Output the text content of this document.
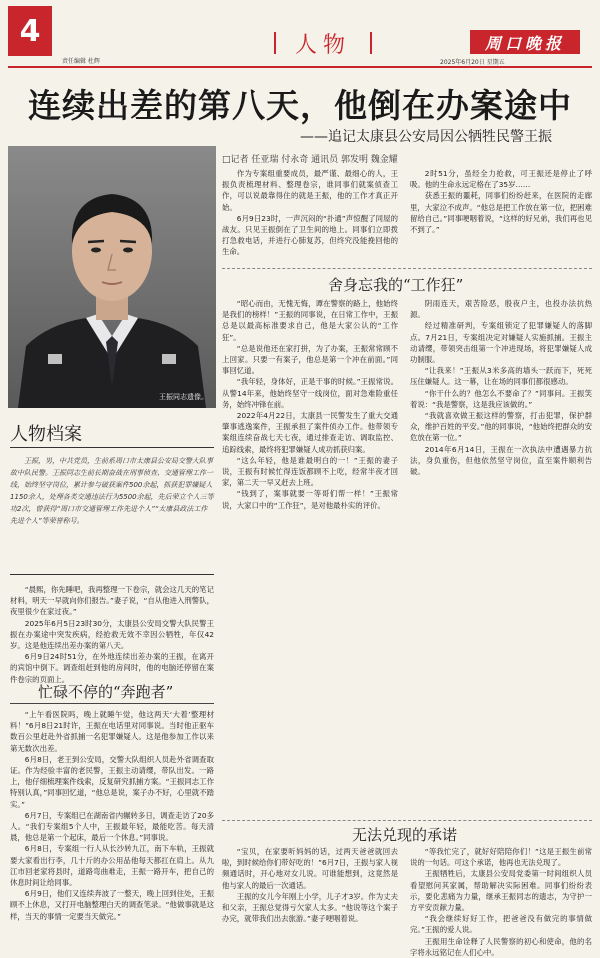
4
责任编辑 杜辉
人物	周口晚报
2025年6月20日 星期五
连续出差的第八天，他倒在办案途中
——追记太康县公安局因公牺牲民警王振
□记者 任亚瑞 付永奇 通讯员 郭发明 魏金耀
王振同志遗像。
人物档案
王振，男，中共党员，生前系周口市太康县公安局交警大队事故中队民警。王振同志生前长期奋战在刑事侦查、交通管理工作一线，始终坚守岗位，累计参与破获案件500余起，抓获犯罪嫌疑人1150余人，处理各类交通违法行为5500余起，先后荣立个人三等功2次，曾获得“周口市交通管理工作先进个人”“太康县政法工作先进个人”等荣誉称号。

“晨熙，你先睡吧，我再整理一下卷宗，就会这几天的笔记材料，明天一早就向你们报告。”妻子说，“自从他进入刑警队，夜里很少在家过夜。”

2025年6月5日23时30分，太康县公安局交警大队民警王振在办案途中突发疾病，经抢救无效不幸因公牺牲，年仅42岁。这是他连续出差办案的第八天。

6月9日24时51分，在外地连续出差办案的王振，在离开的宾馆中倒下。调查组赶到他的房间时，他的电脑还停留在案件卷宗的页面上。

忙碌不停的“奔跑者”

“上午看医院吗，晚上就睡午觉，他这两天‘大着’整理材料！”6月8日21时许，王振在电话里对同事说。当时他正驱车数百公里赶赴外省抓捕一名犯罪嫌疑人。这是他参加工作以来第无数次出差。

6月8日，老王到公安局，交警大队组织人员赴外省调查取证。作为经验丰富的老民警，王振主动请缨，带队出发。一路上，他仔细梳理案件线索，反复研究抓捕方案。“王振同志工作特别认真，”同事回忆道，“他总是说，案子办不好，心里就不踏实。”

6月7日，专案组已在湖南省内辗转多日，调查走访了20多人。“我们专案组5个人中，王振最年轻，最能吃苦。每天清晨，他总是第一个起床，最后一个休息。”同事说。

6月8日，专案组一行人从长沙转九江，南下车轨，王振就要大家看出行李，几十斤的办公用品他每天都扛在肩上。从九江市回老家将县时，道路弯曲难走，王振一路开车，把自己的休息时间让给同事。

6月9日，他们又连续奔波了一整天，晚上回到住处，王振顾不上休息，又打开电脑整理白天的调查笔录。“他做事就是这样，当天的事情一定要当天做完。”

作为专案组重要成员，最严谨、最细心的人，王振负责梳理材料、整理卷宗，谁同事们就案侦查工作，可以说最靠得住的就是王振，他的工作才真正开始。

6月9日23时，一声沉闷的“扑通”声惊醒了同屋的战友。只见王振倒在了卫生间的地上。同事们立即拨打急救电话，并进行心肺复苏，但终究没能挽回他的生命。

2时51分，虽经全力抢救，可王振还是停止了呼吸。他的生命永远定格在了35岁……

获悉王振的噩耗，同事们纷纷赶来，在医院的走廊里，大家泣不成声。“他总是把工作放在第一位，把困难留给自己。”同事哽咽着说，“这样的好兄弟，我们再也见不到了。”

舍身忘我的“工作狂”

“昭心而由，无愧无悔，谭在警察的路上，他始终是我们的榜样！”王振的同事说，在日常工作中，王振总是以最高标准要求自己，他是大家公认的“工作狂”。

“总是说他还在家打拼，为了办案，王振常常顾不上回家。只要一有案子，他总是第一个冲在前面。”同事回忆道。

“我年轻，身体好，正是干事的时候。”王振常说。从警14年来，他始终坚守一线岗位，面对急难险重任务，始终冲锋在前。

2022年4月22日，太康县一民警发生了重大交通肇事逃逸案件，王振承担了案件侦办工作。他带领专案组连续奋战七天七夜，通过排查走访、调取监控、追踪线索，最终将犯罪嫌疑人成功抓获归案。

“这么年轻，他是谁最明白的一！”王振的妻子说，王振有时候忙得连饭都顾不上吃，经常半夜才回家，第二天一早又赶去上班。

“钱到了，案事就要一等哥们帮一样！”王振常说，大家口中的“工作狂”，是对他最朴实的评价。

阴雨连天，艰苦险恶，殷夜户主，也投办法抗热源。

经过精准研判，专案组锁定了犯罪嫌疑人的落脚点。7月21日，专案组决定对嫌疑人实施抓捕。王振主动请缨，带领突击组第一个冲进现场，将犯罪嫌疑人成功制服。

“让我来！”王振从3米多高的墙头一跃而下，死死压住嫌疑人。这一幕，让在场的同事们都很感动。

“你干什么的？他怎么不要命了？”同事问。王振笑着说：“我是警察，这是我应该做的。”

“我就喜欢做王振这样的警察，打击犯罪，保护群众，维护百姓的平安。”他的同事说，“他始终把群众的安危放在第一位。”

2014年6月14日，王振在一次执法中遭遇暴力抗法，身负重伤，但他依然坚守岗位，直至案件顺利告破。

无法兑现的承诺

“宝贝，在家要听妈妈的话，过两天爸爸就回去啦，到时候给你们带好吃的！”6月7日，王振与家人视频通话时，开心地对女儿说。可谁能想到，这竟然是他与家人的最后一次通话。

王振的女儿今年刚上小学，儿子才3岁。作为丈夫和父亲，王振总觉得亏欠家人太多。“他说等这个案子办完，就带我们出去旅游。”妻子哽咽着说。

“等我忙完了，就好好陪陪你们！”这是王振生前常说的一句话。可这个承诺，他再也无法兑现了。

王振牺牲后，太康县公安局党委第一时间组织人员看望慰问其家属，帮助解决实际困难。同事们纷纷表示，要化悲痛为力量，继承王振同志的遗志，为守护一方平安贡献力量。

“我会继续好好工作，把爸爸没有做完的事情做完。”王振的爱人说。

王振用生命诠释了人民警察的初心和使命，他的名字将永远铭记在人们心中。
